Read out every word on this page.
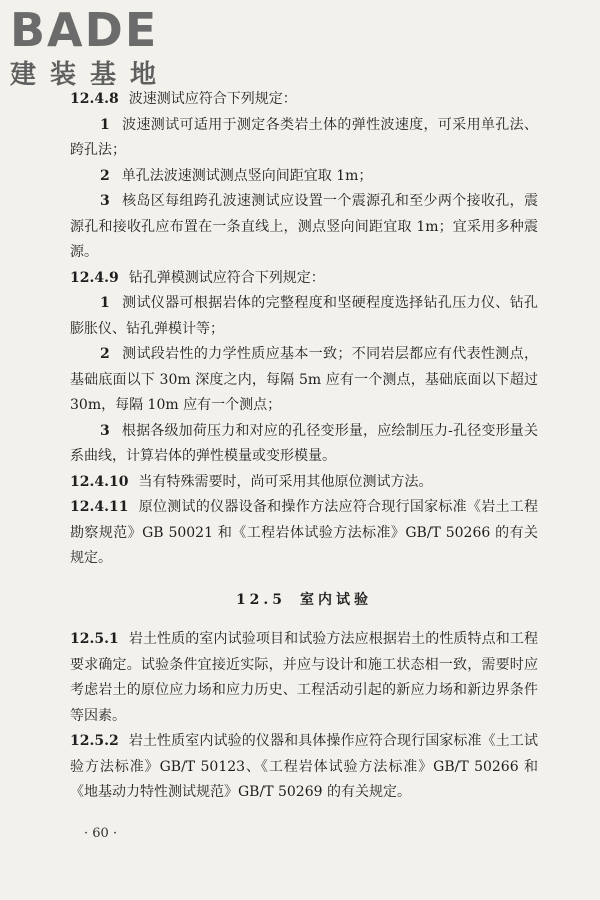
BADE
建装基地

12.4.8 波速测试应符合下列规定：

1 波速测试可适用于测定各类岩土体的弹性波速度，可采用单孔法、跨孔法；

2 单孔法波速测试测点竖向间距宜取 1m；

3 核岛区每组跨孔波速测试应设置一个震源孔和至少两个接收孔，震源孔和接收孔应布置在一条直线上，测点竖向间距宜取 1m；宜采用多种震源。

12.4.9 钻孔弹模测试应符合下列规定：

1 测试仪器可根据岩体的完整程度和坚硬程度选择钻孔压力仪、钻孔膨胀仪、钻孔弹模计等；

2 测试段岩性的力学性质应基本一致；不同岩层都应有代表性测点，基础底面以下 30m 深度之内，每隔 5m 应有一个测点，基础底面以下超过 30m，每隔 10m 应有一个测点；

3 根据各级加荷压力和对应的孔径变形量，应绘制压力-孔径变形量关系曲线，计算岩体的弹性模量或变形模量。

12.4.10 当有特殊需要时，尚可采用其他原位测试方法。

12.4.11 原位测试的仪器设备和操作方法应符合现行国家标准《岩土工程勘察规范》GB 50021 和《工程岩体试验方法标准》GB/T 50266 的有关规定。

12.5 室内试验

12.5.1 岩土性质的室内试验项目和试验方法应根据岩土的性质特点和工程要求确定。试验条件宜接近实际，并应与设计和施工状态相一致，需要时应考虑岩土的原位应力场和应力历史、工程活动引起的新应力场和新边界条件等因素。

12.5.2 岩土性质室内试验的仪器和具体操作应符合现行国家标准《土工试验方法标准》GB/T 50123、《工程岩体试验方法标准》GB/T 50266 和《地基动力特性测试规范》GB/T 50269 的有关规定。

· 60 ·
